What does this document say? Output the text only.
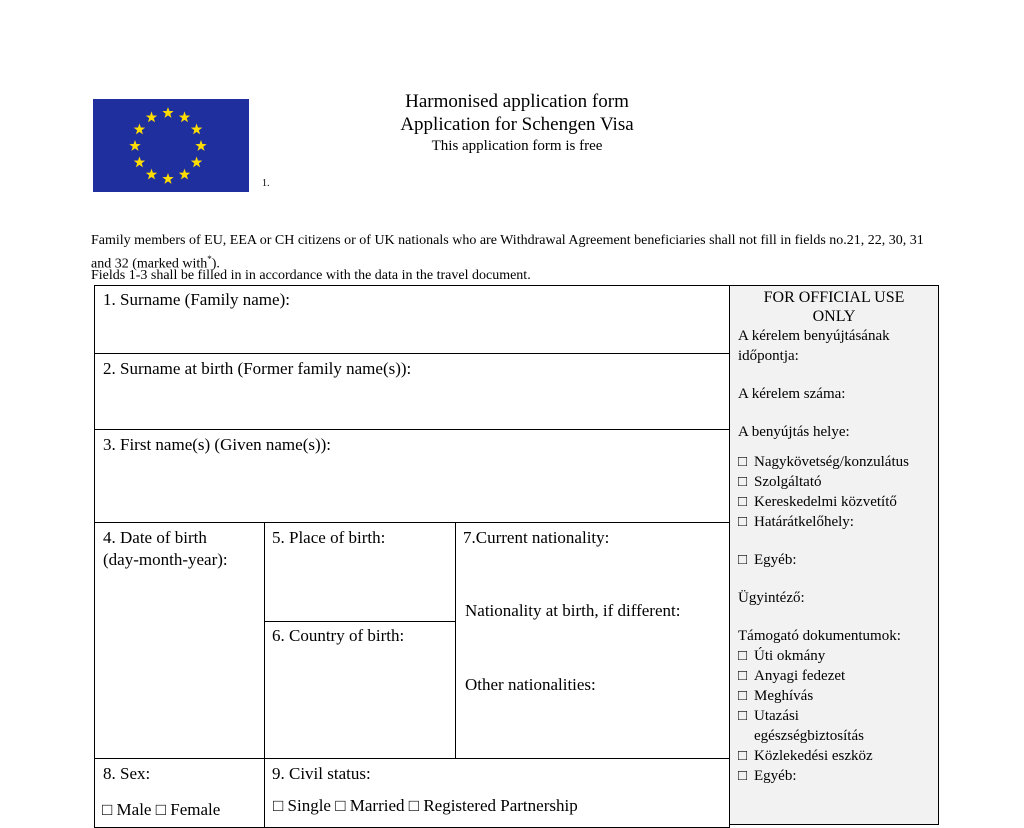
1.
Harmonised application form
Application for Schengen Visa
This application form is free
Family members of EU, EEA or CH citizens or of UK nationals who are Withdrawal Agreement beneficiaries shall not fill in fields no.21, 22, 30, 31 and 32 (marked with*).
Fields 1-3 shall be filled in in accordance with the data in the travel document.
1. Surname (Family name):
2. Surname at birth (Former family name(s)):
3. First name(s) (Given name(s)):
4. Date of birth
(day-month-year):
5. Place of birth:
6. Country of birth:
7.Current nationality:
Nationality at birth, if different:
Other nationalities:
8. Sex:
□ Male □ Female
9. Civil status:
□ Single □ Married □ Registered Partnership
FOR OFFICIAL USE
ONLY
A kérelem benyújtásának
időpontja:
A kérelem száma:
A benyújtás helye:
□ Nagykövetség/konzulátus
□ Szolgáltató
□ Kereskedelmi közvetítő
□ Határátkelőhely:
□ Egyéb:
Ügyintéző:
Támogató dokumentumok:
□ Úti okmány
□ Anyagi fedezet
□ Meghívás
□ Utazási
egészségbiztosítás
□ Közlekedési eszköz
□ Egyéb:
